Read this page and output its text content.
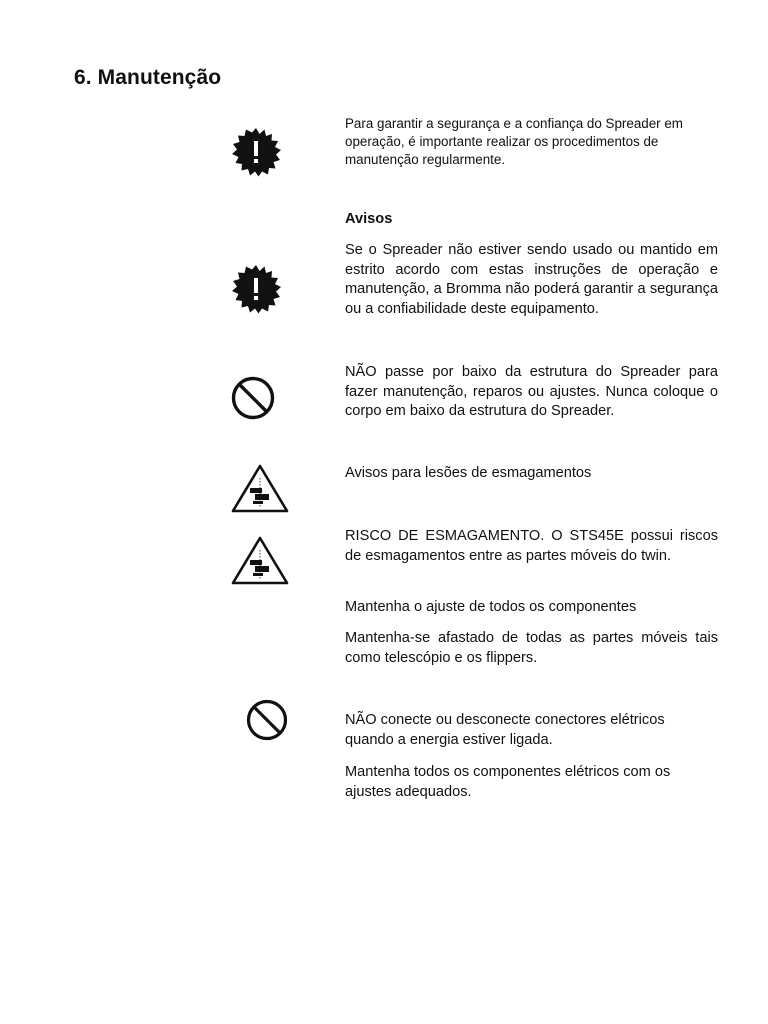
6. Manutenção

Para garantir a segurança e a confiança do Spreader em operação, é importante realizar os procedimentos de manutenção regularmente.

Avisos

Se o Spreader não estiver sendo usado ou mantido em estrito acordo com estas instruções de operação e manutenção, a Bromma não poderá garantir a segurança ou a confiabilidade deste equipamento.

NÃO passe por baixo da estrutura do Spreader para fazer manutenção, reparos ou ajustes. Nunca coloque o corpo em baixo da estrutura do Spreader.

Avisos para lesões de esmagamentos

RISCO DE ESMAGAMENTO. O STS45E possui riscos de esmagamentos entre as partes móveis do twin.

Mantenha o ajuste de todos os componentes

Mantenha-se afastado de todas as partes móveis tais como telescópio e os flippers.

NÃO conecte ou desconecte conectores elétricos quando a energia estiver ligada.

Mantenha todos os componentes elétricos com os ajustes adequados.
